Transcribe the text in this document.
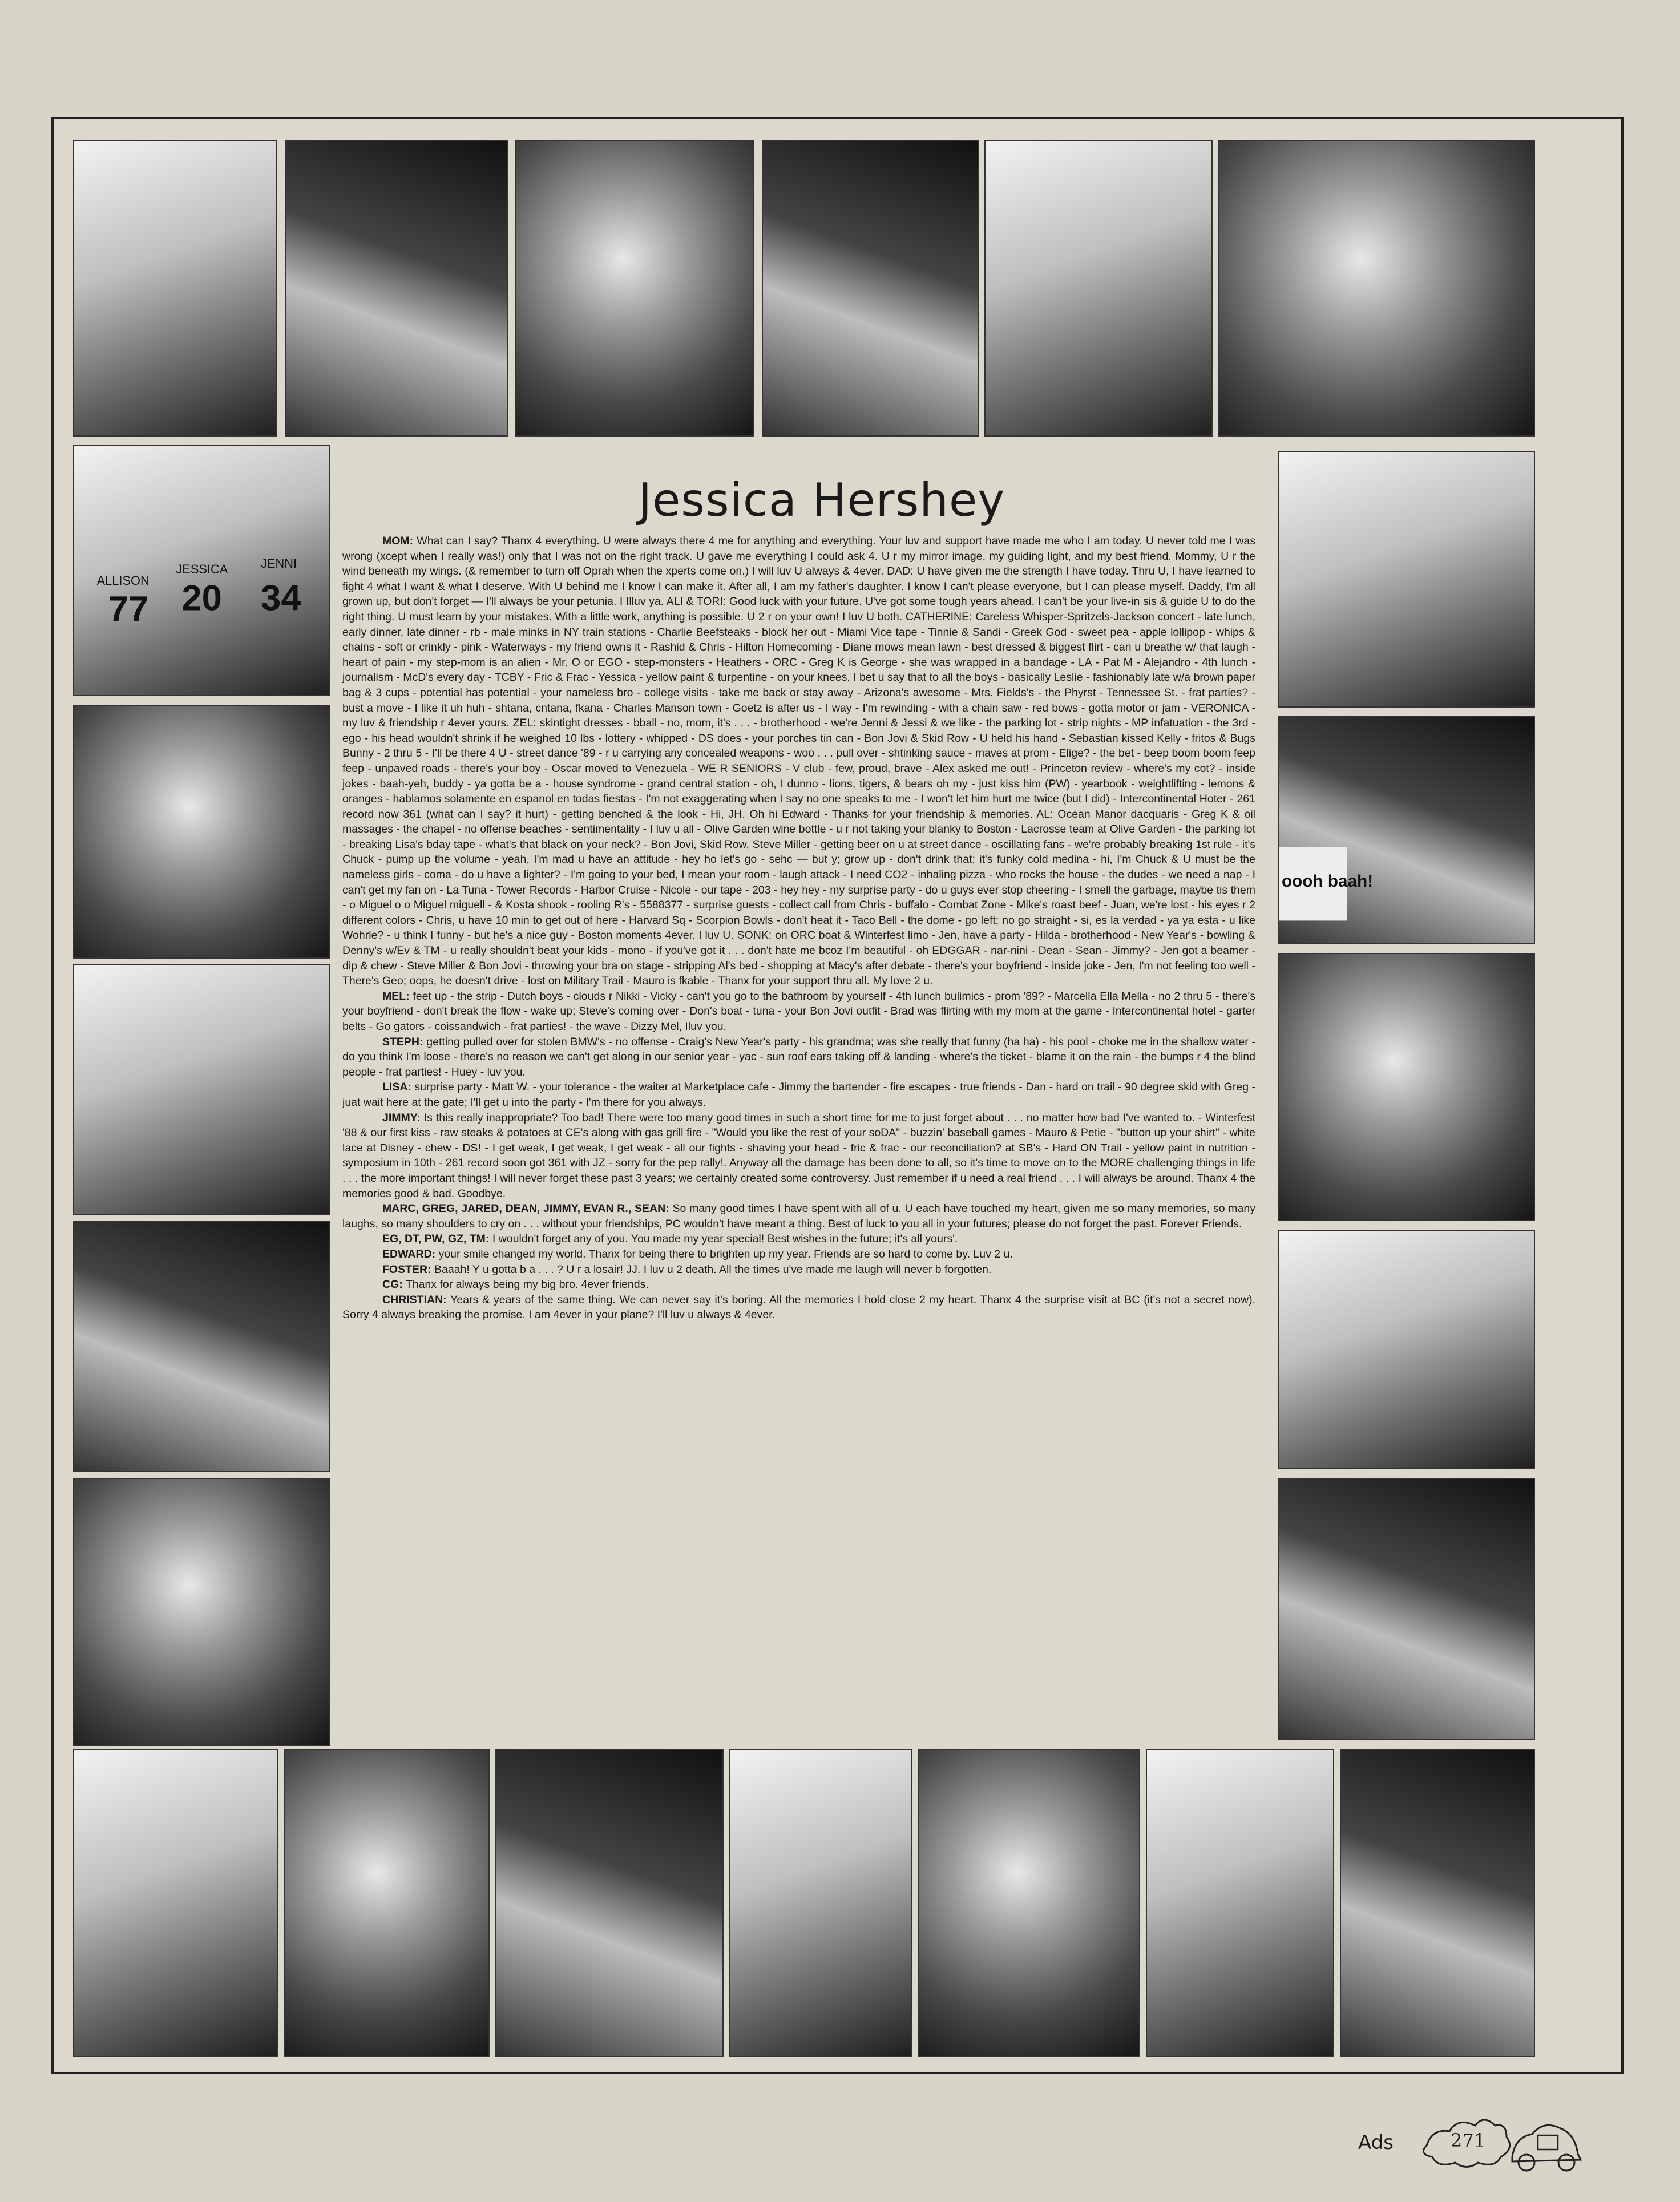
ALLISON
JESSICA	JENNI
77 20 34
oooh baah!
Jessica Hershey

MOM: What can I say? Thanx 4 everything. U were always there 4 me for anything and everything. Your luv and support have made me who I am today. U never told me I was wrong (xcept when I really was!) only that I was not on the right track. U gave me everything I could ask 4. U r my mirror image, my guiding light, and my best friend. Mommy, U r the wind beneath my wings. (& remember to turn off Oprah when the xperts come on.) I will luv U always & 4ever. DAD: U have given me the strength I have today. Thru U, I have learned to fight 4 what I want & what I deserve. With U behind me I know I can make it. After all, I am my father's daughter. I know I can't please everyone, but I can please myself. Daddy, I'm all grown up, but don't forget — I'll always be your petunia. I Illuv ya. ALI & TORI: Good luck with your future. U've got some tough years ahead. I can't be your live-in sis & guide U to do the right thing. U must learn by your mistakes. With a little work, anything is possible. U 2 r on your own! I luv U both. CATHERINE: Careless Whisper-Spritzels-Jackson concert - late lunch, early dinner, late dinner - rb - male minks in NY train stations - Charlie Beefsteaks - block her out - Miami Vice tape - Tinnie & Sandi - Greek God - sweet pea - apple lollipop - whips & chains - soft or crinkly - pink - Waterways - my friend owns it - Rashid & Chris - Hilton Homecoming - Diane mows mean lawn - best dressed & biggest flirt - can u breathe w/ that laugh - heart of pain - my step-mom is an alien - Mr. O or EGO - step-monsters - Heathers - ORC - Greg K is George - she was wrapped in a bandage - LA - Pat M - Alejandro - 4th lunch - journalism - McD's every day - TCBY - Fric & Frac - Yessica - yellow paint & turpentine - on your knees, I bet u say that to all the boys - basically Leslie - fashionably late w/a brown paper bag & 3 cups - potential has potential - your nameless bro - college visits - take me back or stay away - Arizona's awesome - Mrs. Fields's - the Phyrst - Tennessee St. - frat parties? - bust a move - I like it uh huh - shtana, cntana, fkana - Charles Manson town - Goetz is after us - I way - I'm rewinding - with a chain saw - red bows - gotta motor or jam - VERONICA - my luv & friendship r 4ever yours. ZEL: skintight dresses - bball - no, mom, it's . . . - brotherhood - we're Jenni & Jessi & we like - the parking lot - strip nights - MP infatuation - the 3rd - ego - his head wouldn't shrink if he weighed 10 lbs - lottery - whipped - DS does - your porches tin can - Bon Jovi & Skid Row - U held his hand - Sebastian kissed Kelly - fritos & Bugs Bunny - 2 thru 5 - I'll be there 4 U - street dance '89 - r u carrying any concealed weapons - woo . . . pull over - shtinking sauce - maves at prom - Elige? - the bet - beep boom boom feep feep - unpaved roads - there's your boy - Oscar moved to Venezuela - WE R SENIORS - V club - few, proud, brave - Alex asked me out! - Princeton review - where's my cot? - inside jokes - baah-yeh, buddy - ya gotta be a - house syndrome - grand central station - oh, I dunno - lions, tigers, & bears oh my - just kiss him (PW) - yearbook - weightlifting - lemons & oranges - hablamos solamente en espanol en todas fiestas - I'm not exaggerating when I say no one speaks to me - I won't let him hurt me twice (but I did) - Intercontinental Hoter - 261 record now 361 (what can I say? it hurt) - getting benched & the look - Hi, JH. Oh hi Edward - Thanks for your friendship & memories. AL: Ocean Manor dacquaris - Greg K & oil massages - the chapel - no offense beaches - sentimentality - I luv u all - Olive Garden wine bottle - u r not taking your blanky to Boston - Lacrosse team at Olive Garden - the parking lot - breaking Lisa's bday tape - what's that black on your neck? - Bon Jovi, Skid Row, Steve Miller - getting beer on u at street dance - oscillating fans - we're probably breaking 1st rule - it's Chuck - pump up the volume - yeah, I'm mad u have an attitude - hey ho let's go - sehc — but y; grow up - don't drink that; it's funky cold medina - hi, I'm Chuck & U must be the nameless girls - coma - do u have a lighter? - I'm going to your bed, I mean your room - laugh attack - I need CO2 - inhaling pizza - who rocks the house - the dudes - we need a nap - I can't get my fan on - La Tuna - Tower Records - Harbor Cruise - Nicole - our tape - 203 - hey hey - my surprise party - do u guys ever stop cheering - I smell the garbage, maybe tis them - o Miguel o o Miguel miguell - & Kosta shook - rooling R's - 5588377 - surprise guests - collect call from Chris - buffalo - Combat Zone - Mike's roast beef - Juan, we're lost - his eyes r 2 different colors - Chris, u have 10 min to get out of here - Harvard Sq - Scorpion Bowls - don't heat it - Taco Bell - the dome - go left; no go straight - si, es la verdad - ya ya esta - u like Wohrle? - u think I funny - but he's a nice guy - Boston moments 4ever. I luv U. SONK: on ORC boat & Winterfest limo - Jen, have a party - Hilda - brotherhood - New Year's - bowling & Denny's w/Ev & TM - u really shouldn't beat your kids - mono - if you've got it . . . don't hate me bcoz I'm beautiful - oh EDGGAR - nar-nini - Dean - Sean - Jimmy? - Jen got a beamer - dip & chew - Steve Miller & Bon Jovi - throwing your bra on stage - stripping Al's bed - shopping at Macy's after debate - there's your boyfriend - inside joke - Jen, I'm not feeling too well - There's Geo; oops, he doesn't drive - lost on Military Trail - Mauro is fkable - Thanx for your support thru all. My love 2 u.

MEL: feet up - the strip - Dutch boys - clouds r Nikki - Vicky - can't you go to the bathroom by yourself - 4th lunch bulimics - prom '89? - Marcella Ella Mella - no 2 thru 5 - there's your boyfriend - don't break the flow - wake up; Steve's coming over - Don's boat - tuna - your Bon Jovi outfit - Brad was flirting with my mom at the game - Intercontinental hotel - garter belts - Go gators - coissandwich - frat parties! - the wave - Dizzy Mel, Iluv you.

STEPH: getting pulled over for stolen BMW's - no offense - Craig's New Year's party - his grandma; was she really that funny (ha ha) - his pool - choke me in the shallow water - do you think I'm loose - there's no reason we can't get along in our senior year - yac - sun roof ears taking off & landing - where's the ticket - blame it on the rain - the bumps r 4 the blind people - frat parties! - Huey - luv you.

LISA: surprise party - Matt W. - your tolerance - the waiter at Marketplace cafe - Jimmy the bartender - fire escapes - true friends - Dan - hard on trail - 90 degree skid with Greg - juat wait here at the gate; I'll get u into the party - I'm there for you always.

JIMMY: Is this really inappropriate? Too bad! There were too many good times in such a short time for me to just forget about . . . no matter how bad I've wanted to. - Winterfest '88 & our first kiss - raw steaks & potatoes at CE's along with gas grill fire - "Would you like the rest of your soDA" - buzzin' baseball games - Mauro & Petie - "button up your shirt" - white lace at Disney - chew - DS! - I get weak, I get weak, I get weak - all our fights - shaving your head - fric & frac - our reconciliation? at SB's - Hard ON Trail - yellow paint in nutrition - symposium in 10th - 261 record soon got 361 with JZ - sorry for the pep rally!. Anyway all the damage has been done to all, so it's time to move on to the MORE challenging things in life . . . the more important things! I will never forget these past 3 years; we certainly created some controversy. Just remember if u need a real friend . . . I will always be around. Thanx 4 the memories good & bad. Goodbye.

MARC, GREG, JARED, DEAN, JIMMY, EVAN R., SEAN: So many good times I have spent with all of u. U each have touched my heart, given me so many memories, so many laughs, so many shoulders to cry on . . . without your friendships, PC wouldn't have meant a thing. Best of luck to you all in your futures; please do not forget the past. Forever Friends.

EG, DT, PW, GZ, TM: I wouldn't forget any of you. You made my year special! Best wishes in the future; it's all yours'.

EDWARD: your smile changed my world. Thanx for being there to brighten up my year. Friends are so hard to come by. Luv 2 u.

FOSTER: Baaah! Y u gotta b a . . . ? U r a losair! JJ. I luv u 2 death. All the times u've made me laugh will never b forgotten.

CG: Thanx for always being my big bro. 4ever friends.

CHRISTIAN: Years & years of the same thing. We can never say it's boring. All the memories I hold close 2 my heart. Thanx 4 the surprise visit at BC (it's not a secret now). Sorry 4 always breaking the promise. I am 4ever in your plane? I'll luv u always & 4ever.

Ads	271
